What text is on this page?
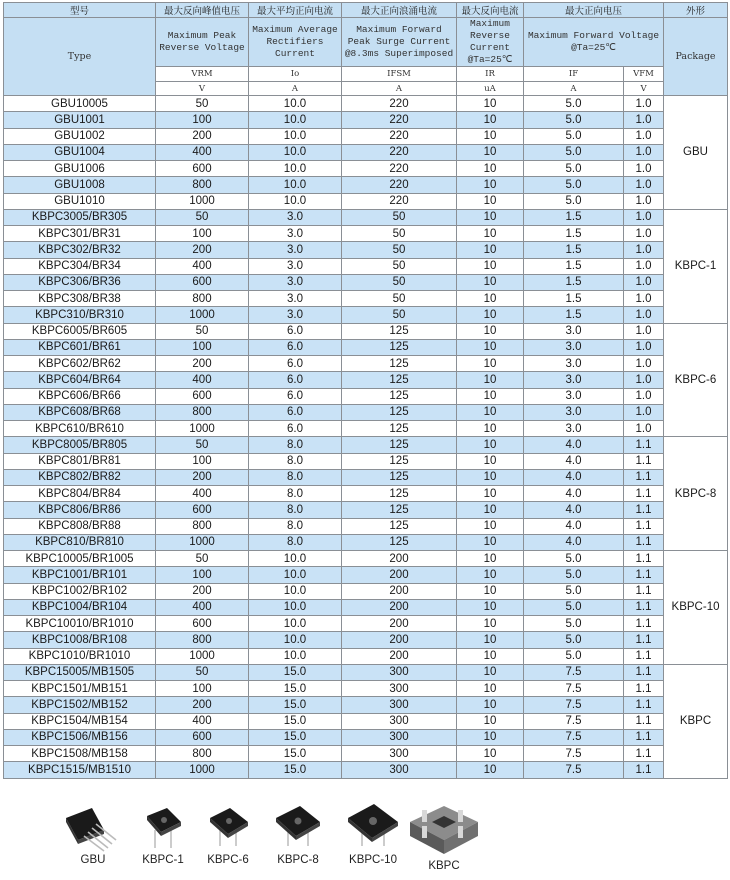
型号	最大反向峰值电压	最大平均正向电流	最大正向浪涌电流	最大反向电流	最大正向电压		外形
Type	Maximum Peak Reverse Voltage	Maximum Average Rectifiers Current	Maximum Forward Peak Surge Current @8.3ms Superimposed	Maximum Reverse Current @Ta=25℃	Maximum Forward Voltage @Ta=25℃		Package
	VRM	Io	IFSM	IR	IF	VFM	
	V	A	A	uA	A	V	
GBU10005	50	10.0	220	10	5.0	1.0	GBU
GBU1001	100	10.0	220	10	5.0	1.0	
GBU1002	200	10.0	220	10	5.0	1.0	
GBU1004	400	10.0	220	10	5.0	1.0	
GBU1006	600	10.0	220	10	5.0	1.0	
GBU1008	800	10.0	220	10	5.0	1.0	
GBU1010	1000	10.0	220	10	5.0	1.0	
KBPC3005/BR305	50	3.0	50	10	1.5	1.0	KBPC-1
KBPC301/BR31	100	3.0	50	10	1.5	1.0	
KBPC302/BR32	200	3.0	50	10	1.5	1.0	
KBPC304/BR34	400	3.0	50	10	1.5	1.0	
KBPC306/BR36	600	3.0	50	10	1.5	1.0	
KBPC308/BR38	800	3.0	50	10	1.5	1.0	
KBPC310/BR310	1000	3.0	50	10	1.5	1.0	
KBPC6005/BR605	50	6.0	125	10	3.0	1.0	KBPC-6
KBPC601/BR61	100	6.0	125	10	3.0	1.0	
KBPC602/BR62	200	6.0	125	10	3.0	1.0	
KBPC604/BR64	400	6.0	125	10	3.0	1.0	
KBPC606/BR66	600	6.0	125	10	3.0	1.0	
KBPC608/BR68	800	6.0	125	10	3.0	1.0	
KBPC610/BR610	1000	6.0	125	10	3.0	1.0	
KBPC8005/BR805	50	8.0	125	10	4.0	1.1	KBPC-8
KBPC801/BR81	100	8.0	125	10	4.0	1.1	
KBPC802/BR82	200	8.0	125	10	4.0	1.1	
KBPC804/BR84	400	8.0	125	10	4.0	1.1	
KBPC806/BR86	600	8.0	125	10	4.0	1.1	
KBPC808/BR88	800	8.0	125	10	4.0	1.1	
KBPC810/BR810	1000	8.0	125	10	4.0	1.1	
KBPC10005/BR1005	50	10.0	200	10	5.0	1.1	KBPC-10
KBPC1001/BR101	100	10.0	200	10	5.0	1.1	
KBPC1002/BR102	200	10.0	200	10	5.0	1.1	
KBPC1004/BR104	400	10.0	200	10	5.0	1.1	
KBPC10010/BR1010	600	10.0	200	10	5.0	1.1	
KBPC1008/BR108	800	10.0	200	10	5.0	1.1	
KBPC1010/BR1010	1000	10.0	200	10	5.0	1.1	
KBPC15005/MB1505	50	15.0	300	10	7.5	1.1	KBPC
KBPC1501/MB151	100	15.0	300	10	7.5	1.1	
KBPC1502/MB152	200	15.0	300	10	7.5	1.1	
KBPC1504/MB154	400	15.0	300	10	7.5	1.1	
KBPC1506/MB156	600	15.0	300	10	7.5	1.1	
KBPC1508/MB158	800	15.0	300	10	7.5	1.1	
KBPC1515/MB1510	1000	15.0	300	10	7.5	1.1	
GBU	KBPC-1	KBPC-6	KBPC-8	KBPC-10	KBPC
